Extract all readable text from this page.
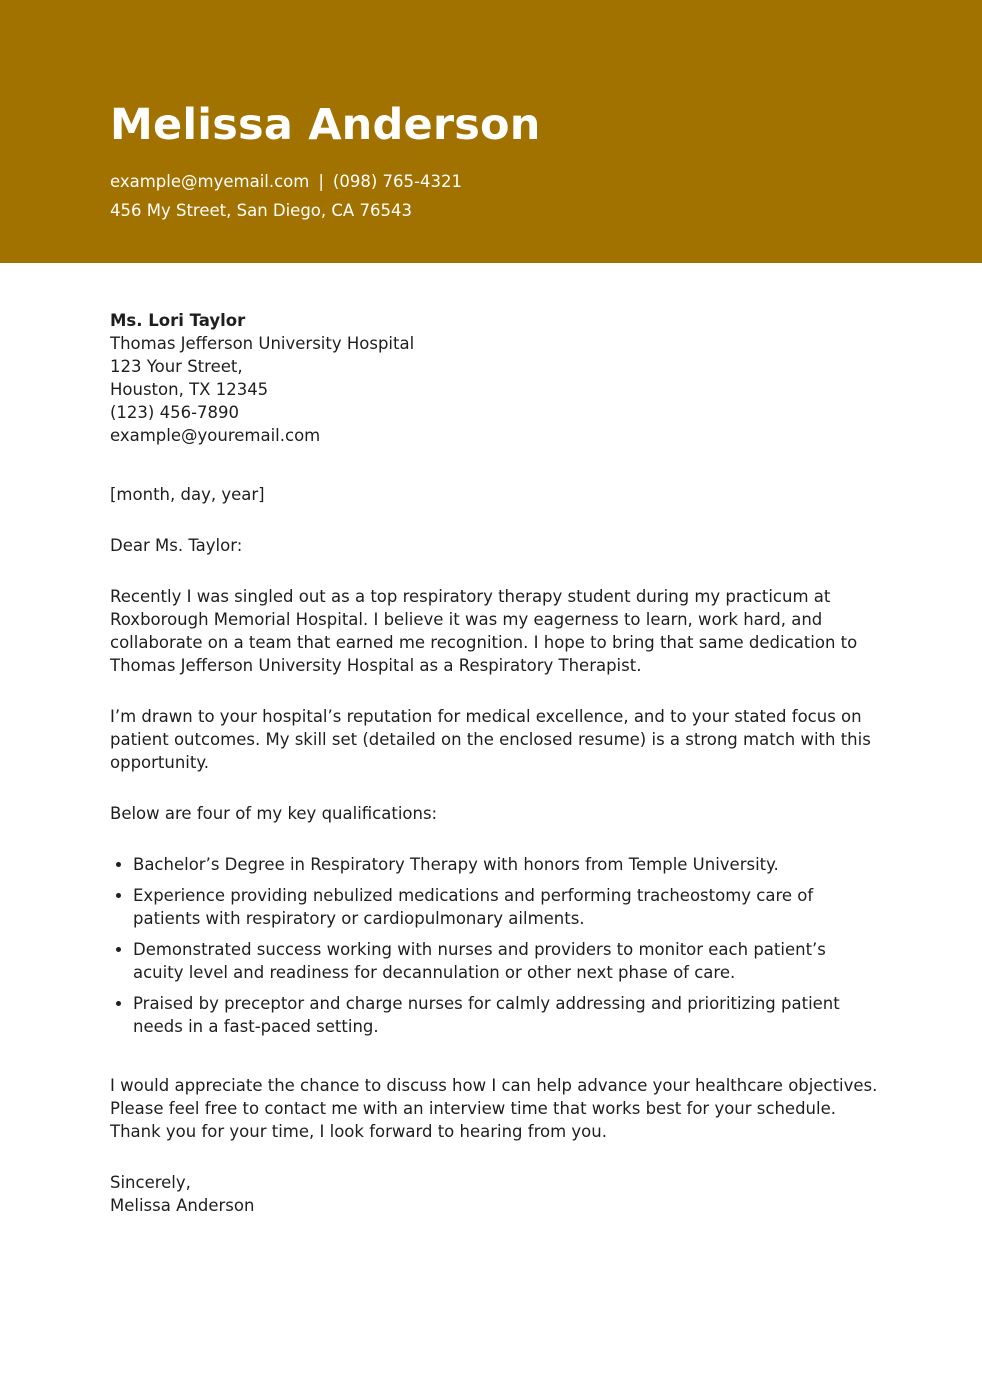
Melissa Anderson
example@myemail.com | (098) 765-4321
456 My Street, San Diego, CA 76543
Ms. Lori Taylor
Thomas Jefferson University Hospital
123 Your Street,
Houston, TX 12345
(123) 456-7890
example@youremail.com

[month, day, year]

Dear Ms. Taylor:

Recently I was singled out as a top respiratory therapy student during my practicum at Roxborough Memorial Hospital. I believe it was my eagerness to learn, work hard, and collaborate on a team that earned me recognition. I hope to bring that same dedication to Thomas Jefferson University Hospital as a Respiratory Therapist.

I’m drawn to your hospital’s reputation for medical excellence, and to your stated focus on patient outcomes. My skill set (detailed on the enclosed resume) is a strong match with this opportunity.

Below are four of my key qualifications:

• Bachelor’s Degree in Respiratory Therapy with honors from Temple University.
• Experience providing nebulized medications and performing tracheostomy care of patients with respiratory or cardiopulmonary ailments.
• Demonstrated success working with nurses and providers to monitor each patient’s acuity level and readiness for decannulation or other next phase of care.
• Praised by preceptor and charge nurses for calmly addressing and prioritizing patient needs in a fast-paced setting.

I would appreciate the chance to discuss how I can help advance your healthcare objectives. Please feel free to contact me with an interview time that works best for your schedule. Thank you for your time, I look forward to hearing from you.

Sincerely,
Melissa Anderson
